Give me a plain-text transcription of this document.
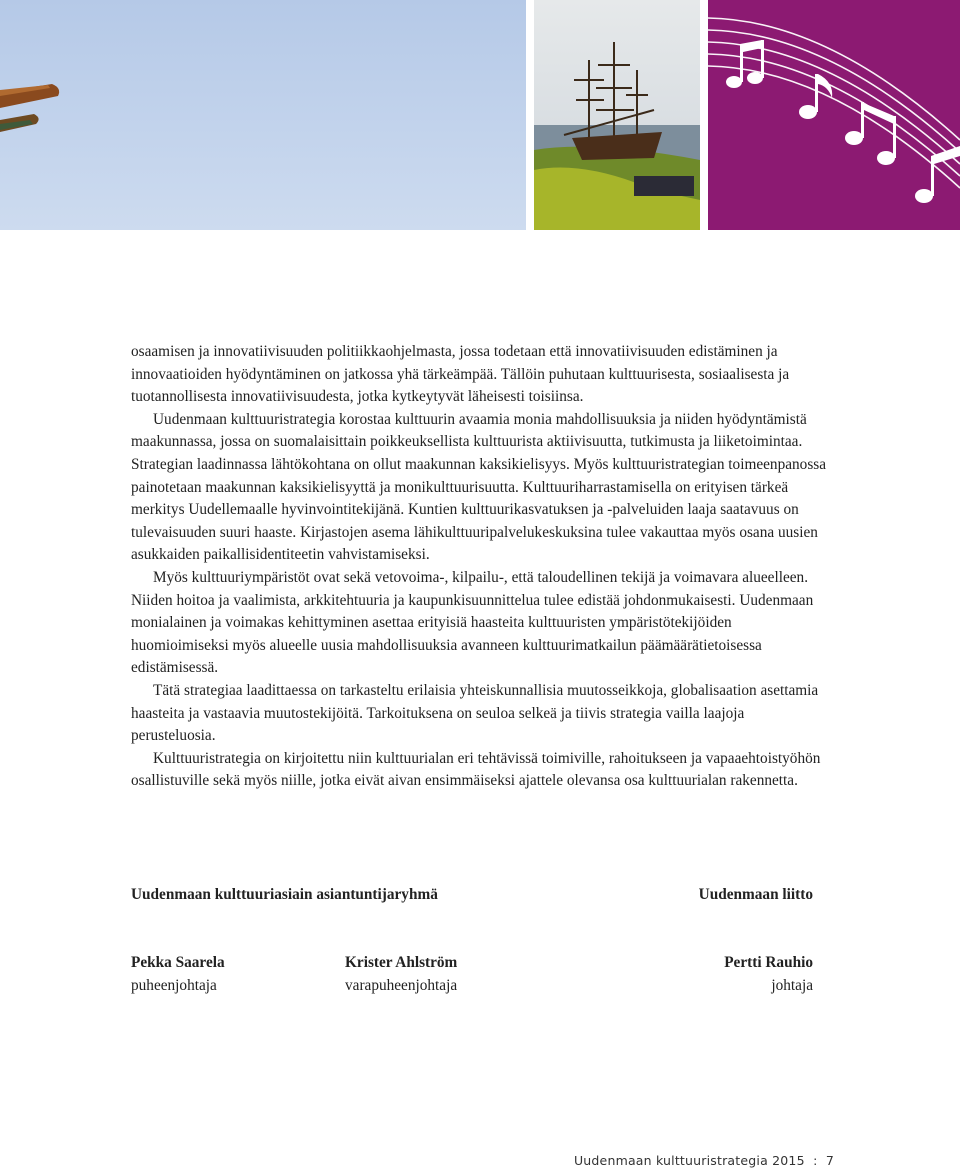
osaamisen ja innovatiivisuuden politiikkaohjelmasta, jossa todetaan että innovatiivisuuden edistäminen ja innovaatioiden hyödyntäminen on jatkossa yhä tärkeämpää. Tällöin puhutaan kulttuurisesta, sosiaalisesta ja tuotannollisesta innovatiivisuudesta, jotka kytkeytyvät läheisesti toisiinsa.

Uudenmaan kulttuuristrategia korostaa kulttuurin avaamia monia mahdollisuuksia ja niiden hyödyntämistä maakunnassa, jossa on suomalaisittain poikkeuksellista kulttuurista aktiivisuutta, tutkimusta ja liiketoimintaa. Strategian laadinnassa lähtökohtana on ollut maakunnan kaksikielisyys. Myös kulttuuristrategian toimeenpanossa painotetaan maakunnan kaksikielisyyttä ja monikulttuurisuutta. Kulttuuriharrastamisella on erityisen tärkeä merkitys Uudellemaalle hyvinvointitekijänä. Kuntien kulttuurikasvatuksen ja -palveluiden laaja saatavuus on tulevaisuuden suuri haaste. Kirjastojen asema lähikulttuuripalvelukeskuksina tulee vakauttaa myös osana uusien asukkaiden paikallisidentiteetin vahvistamiseksi.

Myös kulttuuriympäristöt ovat sekä vetovoima-, kilpailu-, että taloudellinen tekijä ja voimavara alueelleen. Niiden hoitoa ja vaalimista, arkkitehtuuria ja kaupunkisuunnittelua tulee edistää johdonmukaisesti. Uudenmaan monialainen ja voimakas kehittyminen asettaa erityisiä haasteita kulttuuristen ympäristötekijöiden huomioimiseksi myös alueelle uusia mahdollisuuksia avanneen kulttuurimatkailun päämäärätietoisessa edistämisessä.

Tätä strategiaa laadittaessa on tarkasteltu erilaisia yhteiskunnallisia muutosseikkoja, globalisaation asettamia haasteita ja vastaavia muutostekijöitä. Tarkoituksena on seuloa selkeä ja tiivis strategia vailla laajoja perusteluosia.

Kulttuuristrategia on kirjoitettu niin kulttuurialan eri tehtävissä toimiville, rahoitukseen ja vapaaehtoistyöhön osallistuville sekä myös niille, jotka eivät aivan ensimmäiseksi ajattele olevansa osa kulttuurialan rakennetta.

Uudenmaan kulttuuriasiain asiantuntijaryhmä	Uudenmaan liitto

Pekka Saarela
puheenjohtaja
Krister Ahlström
varapuheenjohtaja
Pertti Rauhio
johtaja
Uudenmaan kulttuuristrategia 2015  :  7
